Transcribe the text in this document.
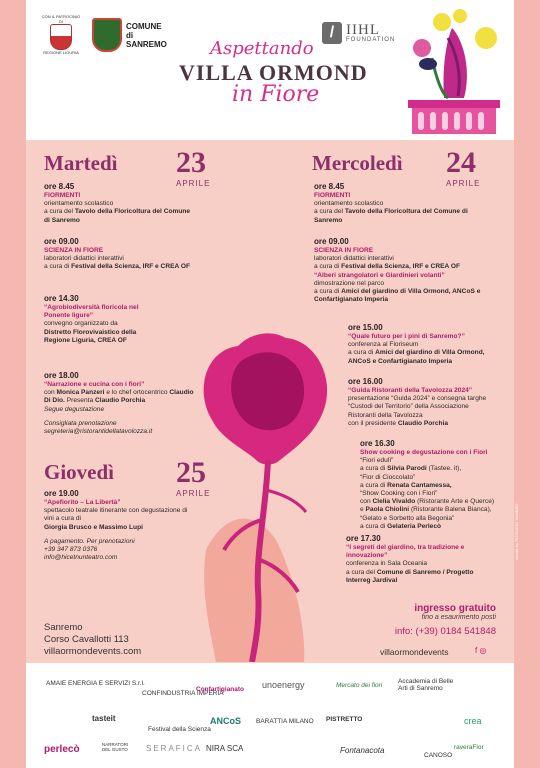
CON IL PATROCINIO DI
REGIONE LIGURIA
COMUNE di SANREMO
/ IIHL
FOUNDATION
Aspettando
VILLA ORMOND
in Fiore
Martedì 23
APRILE
ore 8.45
FIORMENTI
orientamento scolastico
a cura del Tavolo della Floricoltura del Comune di Sanremo
ore 09.00
SCIENZA IN FIORE
laboratori didattici interattivi
a cura di Festival della Scienza, IRF e CREA OF
ore 14.30
“Agrobiodiversità floricola nel Ponente ligure”
convegno organizzato da
Distretto Florovivaistico della Regione Liguria, CREA OF
ore 18.00
“Narrazione e cucina con i fiori”
con Monica Panzeri e lo chef ortocentrico Claudio Di Dio. Presenta Claudio Porchia
Segue degustazione
Consigliata prenotazione segreteria@ristorantidellatavolozza.it
Giovedì 25
APRILE
ore 19.00
“Apefiorito – La Libertà”
spettacolo teatrale itinerante con degustazione di vini a cura di
Giorgia Brusco e Massimo Lupi
A pagamento. Per prenotazioni
+39 347 873 0376
info@hicetnunteatro.com
Mercoledì 24
APRILE
ore 8.45
FIORMENTI
orientamento scolastico
a cura del Tavolo della Floricoltura del Comune di Sanremo
ore 09.00
SCIENZA IN FIORE
laboratori didattici interattivi
a cura di Festival della Scienza, IRF e CREA OF
“Alberi strangolatori e Giardinieri volanti”
dimostrazione nel parco
a cura di Amici del giardino di Villa Ormond, ANCoS e Confartigianato Imperia
ore 15.00
“Quale futuro per i pini di Sanremo?”
conferenza al Floriseum
a cura di Amici del giardino di Villa Ormond, ANCoS e Confartigianato Imperia
ore 16.00
“Guida Ristoranti della Tavolozza 2024”
presentazione “Guida 2024” e consegna targhe “Custodi del Territorio” della Associazione Ristoranti della Tavolozza
con il presidente Claudio Porchia
ore 16.30
Show cooking e degustazione con i Fiori
“Fiori edulì”
a cura di Silvia Parodi (Tastee. it),
“Fior di Cioccolato”
a cura di Renata Cantamessa,
“Show Cooking con i Fiori”
con Clelia Vivaldo (Ristorante Arte e Querce)
e Paola Chiolini (Ristorante Balena Bianca),
“Gelato e Sorbetto alla Begonia”
a cura di Gelateria Perlecò
ore 17.30
“I segreti del giardino, tra tradizione e innovazione”
conferenza in Sala Oceania
a cura del Comune di Sanremo / Progetto Interreg Jardival
ingresso gratuito
fino a esaurimento posti
info: (+39) 0184 541848
Sanremo
Corso Cavallotti 113
villaormondevents.com	villaormondevents	f ◎
credits by ROSSANO ZAMBRO
AMAIE ENERGIA E SERVIZI S.r.l.
CONFINDUSTRIA IMPERIA
Confartigianato unoenergy	Mercato dei fiori
Accademia di Belle Arti di Sanremo
tasteit
Festival della Scienza
ANCoS BARATTIA MILANO PISTRETTO	crea
perlecò	NARRATORI DEL GUSTO	SERAFICA NIRA SCA	Fontanacota
CANOSO
raveraFlor
